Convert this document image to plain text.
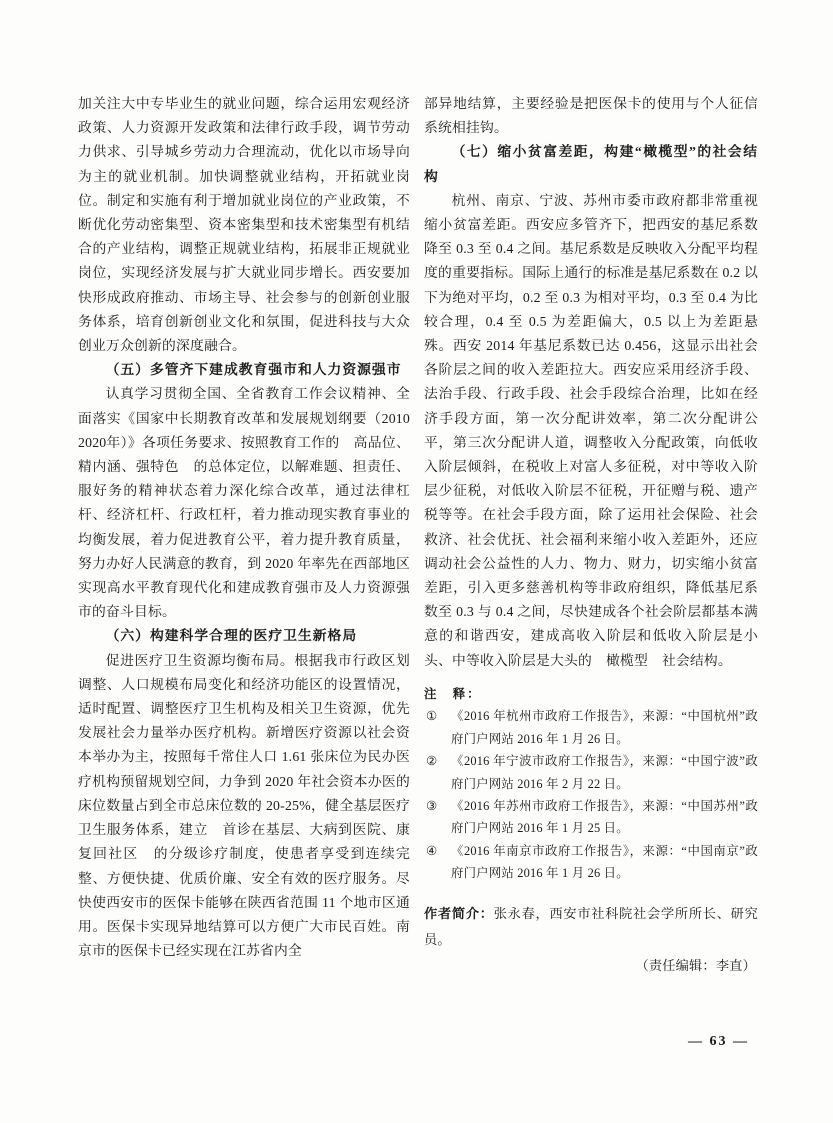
加关注大中专毕业生的就业问题，综合运用宏观经济政策、人力资源开发政策和法律行政手段，调节劳动力供求、引导城乡劳动力合理流动，优化以市场导向为主的就业机制。加快调整就业结构，开拓就业岗位。制定和实施有利于增加就业岗位的产业政策，不断优化劳动密集型、资本密集型和技术密集型有机结合的产业结构，调整正规就业结构，拓展非正规就业岗位，实现经济发展与扩大就业同步增长。西安要加快形成政府推动、市场主导、社会参与的创新创业服务体系，培育创新创业文化和氛围，促进科技与大众创业万众创新的深度融合。

（五）多管齐下建成教育强市和人力资源强市

认真学习贯彻全国、全省教育工作会议精神、全面落实《国家中长期教育改革和发展规划纲要（2010　2020年）》各项任务要求、按照教育工作的　高品位、精内涵、强特色　的总体定位，以解难题、担责任、服好务的精神状态着力深化综合改革，通过法律杠杆、经济杠杆、行政杠杆，着力推动现实教育事业的均衡发展，着力促进教育公平，着力提升教育质量，努力办好人民满意的教育，到 2020 年率先在西部地区实现高水平教育现代化和建成教育强市及人力资源强市的奋斗目标。

（六）构建科学合理的医疗卫生新格局

促进医疗卫生资源均衡布局。根据我市行政区划调整、人口规模布局变化和经济功能区的设置情况，适时配置、调整医疗卫生机构及相关卫生资源，优先发展社会力量举办医疗机构。新增医疗资源以社会资本举办为主，按照每千常住人口 1.61 张床位为民办医疗机构预留规划空间，力争到 2020 年社会资本办医的床位数量占到全市总床位数的 20-25%，健全基层医疗卫生服务体系，建立　首诊在基层、大病到医院、康复回社区　的分级诊疗制度，使患者享受到连续完整、方便快捷、优质价廉、安全有效的医疗服务。尽快使西安市的医保卡能够在陕西省范围 11 个地市区通用。医保卡实现异地结算可以方便广大市民百姓。南京市的医保卡已经实现在江苏省内全

部异地结算，主要经验是把医保卡的使用与个人征信系统相挂钩。

（七）缩小贫富差距，构建“橄榄型”的社会结构

杭州、南京、宁波、苏州市委市政府都非常重视缩小贫富差距。西安应多管齐下，把西安的基尼系数降至 0.3 至 0.4 之间。基尼系数是反映收入分配平均程度的重要指标。国际上通行的标准是基尼系数在 0.2 以下为绝对平均，0.2 至 0.3 为相对平均，0.3 至 0.4 为比较合理，0.4 至 0.5 为差距偏大，0.5 以上为差距悬殊。西安 2014 年基尼系数已达 0.456，这显示出社会各阶层之间的收入差距拉大。西安应采用经济手段、法治手段、行政手段、社会手段综合治理，比如在经济手段方面，第一次分配讲效率，第二次分配讲公平，第三次分配讲人道，调整收入分配政策，向低收入阶层倾斜，在税收上对富人多征税，对中等收入阶层少征税，对低收入阶层不征税，开征赠与税、遗产税等等。在社会手段方面，除了运用社会保险、社会救济、社会优抚、社会福利来缩小收入差距外，还应调动社会公益性的人力、物力、财力，切实缩小贫富差距，引入更多慈善机构等非政府组织，降低基尼系数至 0.3 与 0.4 之间，尽快建成各个社会阶层都基本满意的和谐西安，建成高收入阶层和低收入阶层是小头、中等收入阶层是大头的　橄榄型　社会结构。

注　释：

① 《2016 年杭州市政府工作报告》，来源：“中国杭州”政府门户网站 2016 年 1 月 26 日。
② 《2016 年宁波市政府工作报告》，来源：“中国宁波”政府门户网站 2016 年 2 月 22 日。
③ 《2016 年苏州市政府工作报告》，来源：“中国苏州”政府门户网站 2016 年 1 月 25 日。
④ 《2016 年南京市政府工作报告》，来源：“中国南京”政府门户网站 2016 年 1 月 26 日。

作者简介：张永春，西安市社科院社会学所所长、研究员。

（责任编辑：李直）

— 63 —
